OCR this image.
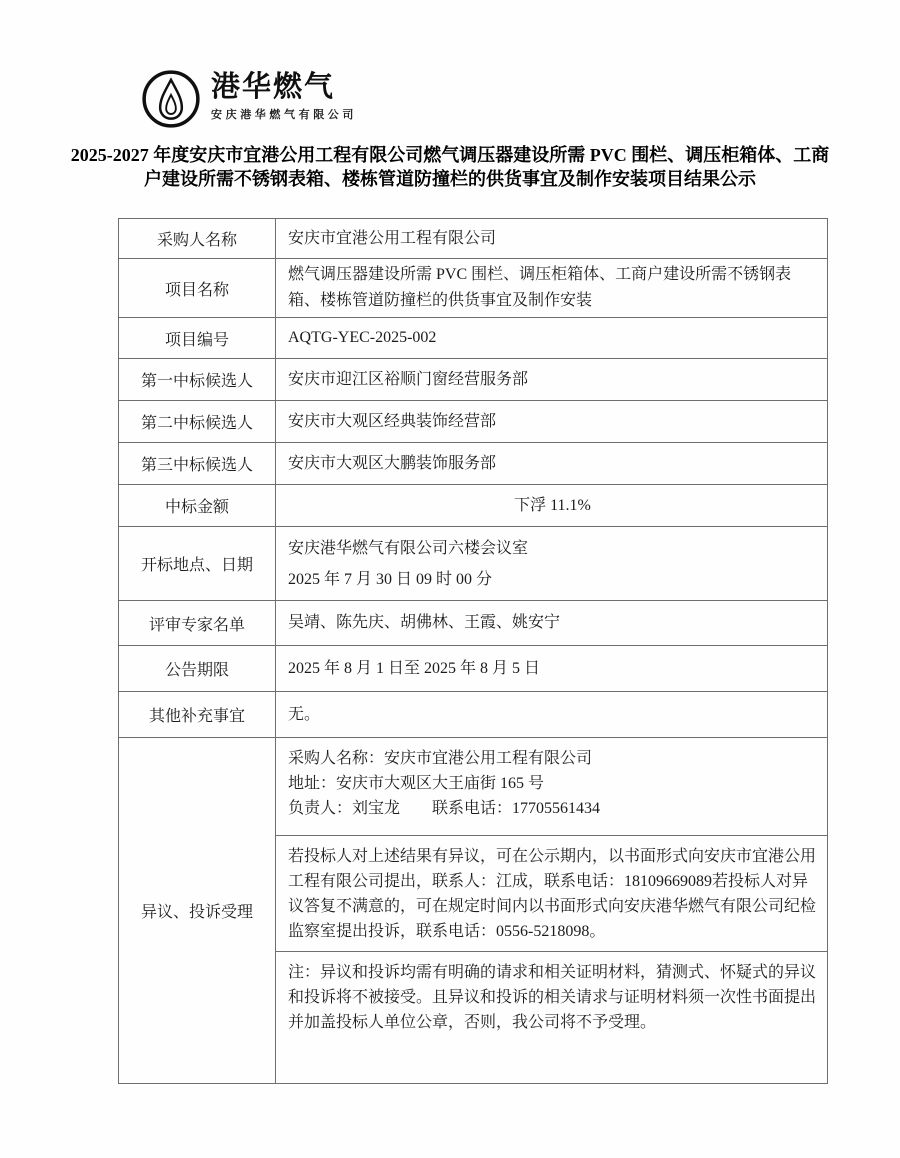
港华燃气
安庆港华燃气有限公司
2025-2027 年度安庆市宜港公用工程有限公司燃气调压器建设所需 PVC 围栏、调压柜箱体、工商户建设所需不锈钢表箱、楼栋管道防撞栏的供货事宜及制作安装项目结果公示
采购人名称	安庆市宜港公用工程有限公司
项目名称	燃气调压器建设所需 PVC 围栏、调压柜箱体、工商户建设所需不锈钢表箱、楼栋管道防撞栏的供货事宜及制作安装
项目编号	AQTG-YEC-2025-002
第一中标候选人	安庆市迎江区裕顺门窗经营服务部
第二中标候选人	安庆市大观区经典装饰经营部
第三中标候选人	安庆市大观区大鹏装饰服务部
中标金额	下浮 11.1%
开标地点、日期	安庆港华燃气有限公司六楼会议室
2025 年 7 月 30 日 09 时 00 分

评审专家名单	吴靖、陈先庆、胡佛林、王霞、姚安宁
公告期限	2025 年 8 月 1 日至 2025 年 8 月 5 日
其他补充事宜	无。
异议、投诉受理	采购人名称：安庆市宜港公用工程有限公司
地址：安庆市大观区大王庙街 165 号
负责人：刘宝龙　　联系电话：17705561434

	若投标人对上述结果有异议，可在公示期内，以书面形式向安庆市宜港公用工程有限公司提出，联系人：江成，联系电话：18109669089若投标人对异议答复不满意的，可在规定时间内以书面形式向安庆港华燃气有限公司纪检监察室提出投诉，联系电话：0556-5218098。
	注：异议和投诉均需有明确的请求和相关证明材料，猜测式、怀疑式的异议和投诉将不被接受。且异议和投诉的相关请求与证明材料须一次性书面提出并加盖投标人单位公章，否则，我公司将不予受理。
